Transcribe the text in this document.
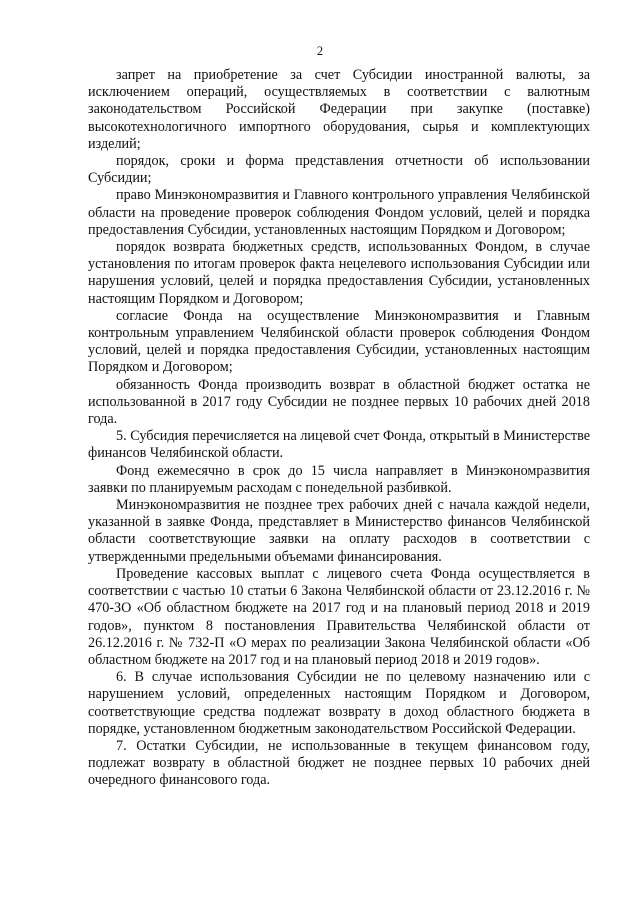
2

запрет на приобретение за счет Субсидии иностранной валюты, за исключением операций, осуществляемых в соответствии с валютным законодательством Российской Федерации при закупке (поставке) высокотехнологичного импортного оборудования, сырья и комплектующих изделий;

порядок, сроки и форма представления отчетности об использовании Субсидии;

право Минэкономразвития и Главного контрольного управления Челябинской области на проведение проверок соблюдения Фондом условий, целей и порядка предоставления Субсидии, установленных настоящим Порядком и Договором;

порядок возврата бюджетных средств, использованных Фондом, в случае установления по итогам проверок факта нецелевого использования Субсидии или нарушения условий, целей и порядка предоставления Субсидии, установленных настоящим Порядком и Договором;

согласие Фонда на осуществление Минэкономразвития и Главным контрольным управлением Челябинской области проверок соблюдения Фондом условий, целей и порядка предоставления Субсидии, установленных настоящим Порядком и Договором;

обязанность Фонда производить возврат в областной бюджет остатка не использованной в 2017 году Субсидии не позднее первых 10 рабочих дней 2018 года.

5. Субсидия перечисляется на лицевой счет Фонда, открытый в Министерстве финансов Челябинской области.

Фонд ежемесячно в срок до 15 числа направляет в Минэкономразвития заявки по планируемым расходам с понедельной разбивкой.

Минэкономразвития не позднее трех рабочих дней с начала каждой недели, указанной в заявке Фонда, представляет в Министерство финансов Челябинской области соответствующие заявки на оплату расходов в соответствии с утвержденными предельными объемами финансирования.

Проведение кассовых выплат с лицевого счета Фонда осуществляется в соответствии с частью 10 статьи 6 Закона Челябинской области от 23.12.2016 г. № 470-ЗО «Об областном бюджете на 2017 год и на плановый период 2018 и 2019 годов», пунктом 8 постановления Правительства Челябинской области от 26.12.2016 г. № 732-П «О мерах по реализации Закона Челябинской области «Об областном бюджете на 2017 год и на плановый период 2018 и 2019 годов».

6. В случае использования Субсидии не по целевому назначению или с нарушением условий, определенных настоящим Порядком и Договором, соответствующие средства подлежат возврату в доход областного бюджета в порядке, установленном бюджетным законодательством Российской Федерации.

7. Остатки Субсидии, не использованные в текущем финансовом году, подлежат возврату в областной бюджет не позднее первых 10 рабочих дней очередного финансового года.
